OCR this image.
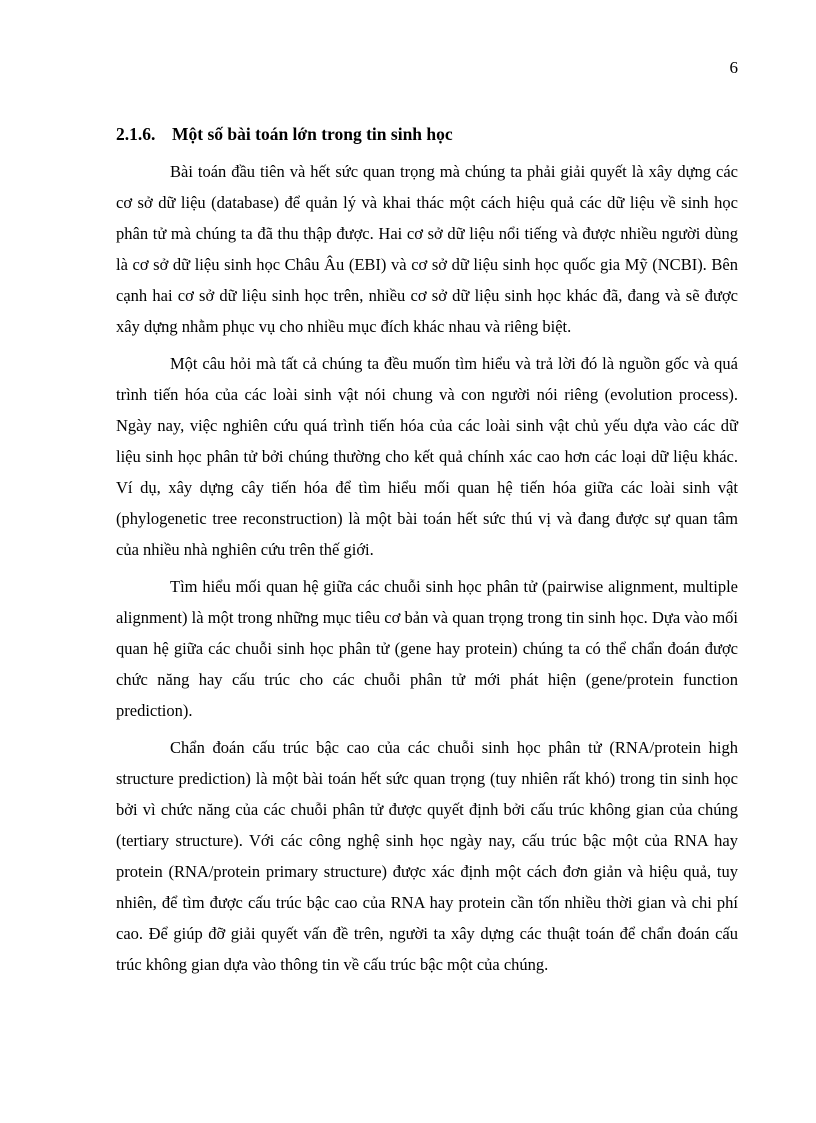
6
2.1.6. Một số bài toán lớn trong tin sinh học

Bài toán đầu tiên và hết sức quan trọng mà chúng ta phải giải quyết là xây dựng các cơ sở dữ liệu (database) để quản lý và khai thác một cách hiệu quả các dữ liệu về sinh học phân tử mà chúng ta đã thu thập được. Hai cơ sở dữ liệu nổi tiếng và được nhiều người dùng là cơ sở dữ liệu sinh học Châu Âu (EBI) và cơ sở dữ liệu sinh học quốc gia Mỹ (NCBI). Bên cạnh hai cơ sở dữ liệu sinh học trên, nhiều cơ sở dữ liệu sinh học khác đã, đang và sẽ được xây dựng nhằm phục vụ cho nhiều mục đích khác nhau và riêng biệt.

Một câu hỏi mà tất cả chúng ta đều muốn tìm hiểu và trả lời đó là nguồn gốc và quá trình tiến hóa của các loài sinh vật nói chung và con người nói riêng (evolution process). Ngày nay, việc nghiên cứu quá trình tiến hóa của các loài sinh vật chủ yếu dựa vào các dữ liệu sinh học phân tử bởi chúng thường cho kết quả chính xác cao hơn các loại dữ liệu khác. Ví dụ, xây dựng cây tiến hóa để tìm hiểu mối quan hệ tiến hóa giữa các loài sinh vật (phylogenetic tree reconstruction) là một bài toán hết sức thú vị và đang được sự quan tâm của nhiều nhà nghiên cứu trên thế giới.

Tìm hiểu mối quan hệ giữa các chuỗi sinh học phân tử (pairwise alignment, multiple alignment) là một trong những mục tiêu cơ bản và quan trọng trong tin sinh học. Dựa vào mối quan hệ giữa các chuỗi sinh học phân tử (gene hay protein) chúng ta có thể chẩn đoán được chức năng hay cấu trúc cho các chuỗi phân tử mới phát hiện (gene/protein function prediction).

Chẩn đoán cấu trúc bậc cao của các chuỗi sinh học phân tử (RNA/protein high structure prediction) là một bài toán hết sức quan trọng (tuy nhiên rất khó) trong tin sinh học bởi vì chức năng của các chuỗi phân tử được quyết định bởi cấu trúc không gian của chúng (tertiary structure). Với các công nghệ sinh học ngày nay, cấu trúc bậc một của RNA hay protein (RNA/protein primary structure) được xác định một cách đơn giản và hiệu quả, tuy nhiên, để tìm được cấu trúc bậc cao của RNA hay protein cần tốn nhiều thời gian và chi phí cao. Để giúp đỡ giải quyết vấn đề trên, người ta xây dựng các thuật toán để chẩn đoán cấu trúc không gian dựa vào thông tin về cấu trúc bậc một của chúng.
